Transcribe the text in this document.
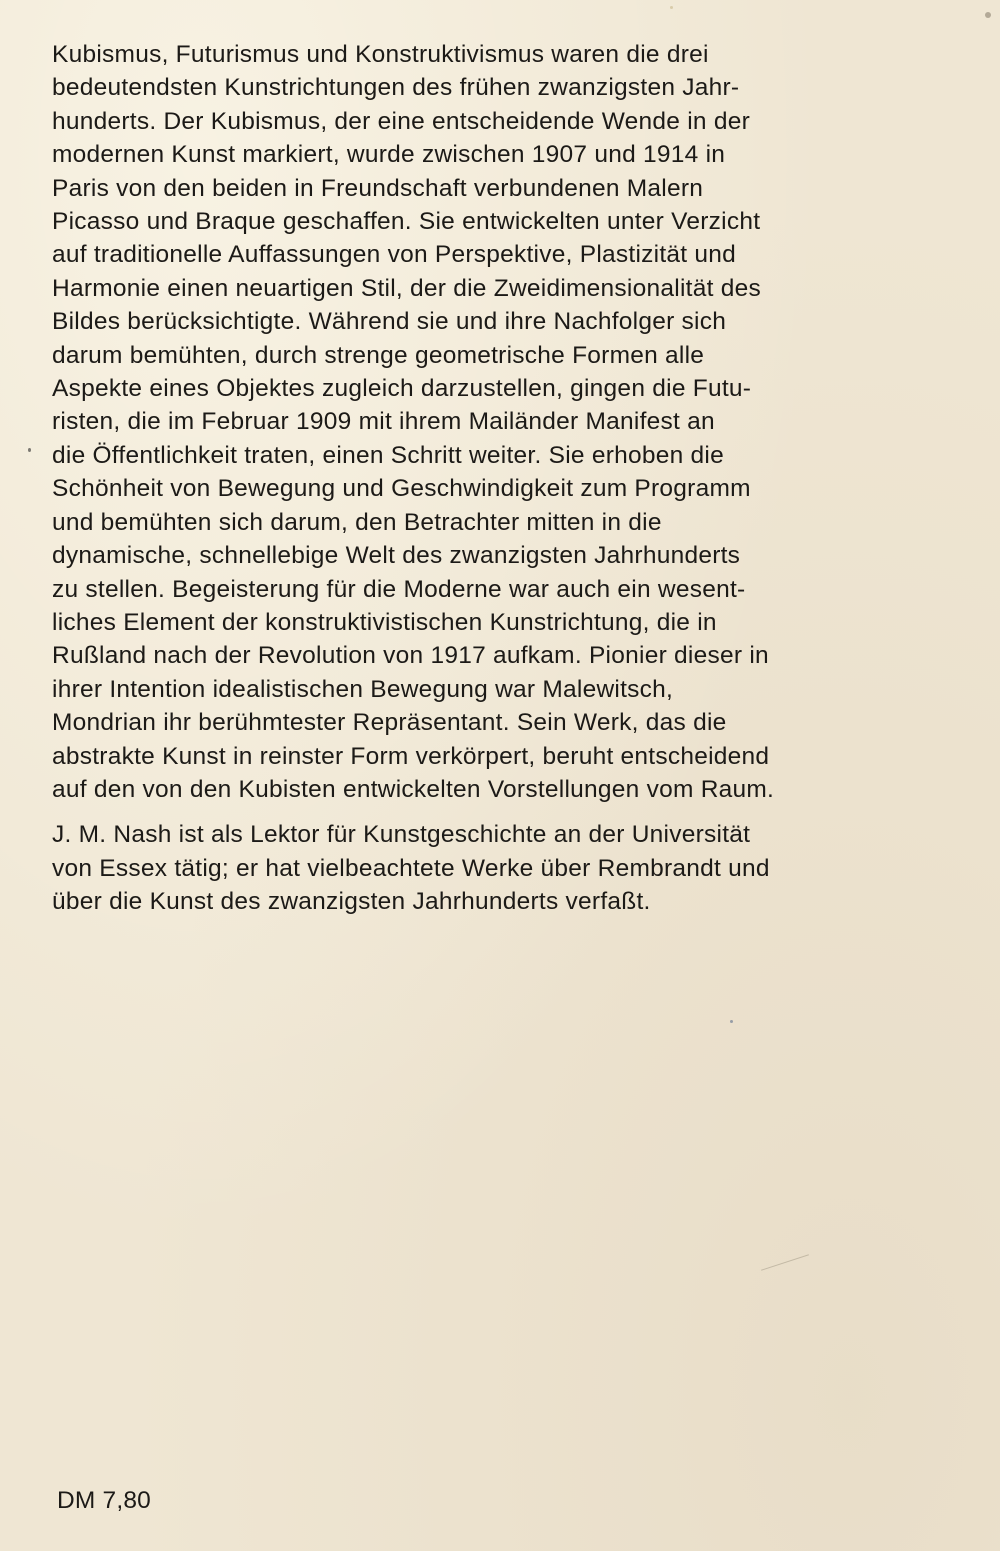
Kubismus, Futurismus und Konstruktivismus waren die drei
bedeutendsten Kunstrichtungen des frühen zwanzigsten Jahr-
hunderts. Der Kubismus, der eine entscheidende Wende in der
modernen Kunst markiert, wurde zwischen 1907 und 1914 in
Paris von den beiden in Freundschaft verbundenen Malern
Picasso und Braque geschaffen. Sie entwickelten unter Verzicht
auf traditionelle Auffassungen von Perspektive, Plastizität und
Harmonie einen neuartigen Stil, der die Zweidimensionalität des
Bildes berücksichtigte. Während sie und ihre Nachfolger sich
darum bemühten, durch strenge geometrische Formen alle
Aspekte eines Objektes zugleich darzustellen, gingen die Futu-
risten, die im Februar 1909 mit ihrem Mailänder Manifest an
die Öffentlichkeit traten, einen Schritt weiter. Sie erhoben die
Schönheit von Bewegung und Geschwindigkeit zum Programm
und bemühten sich darum, den Betrachter mitten in die
dynamische, schnellebige Welt des zwanzigsten Jahrhunderts
zu stellen. Begeisterung für die Moderne war auch ein wesent-
liches Element der konstruktivistischen Kunstrichtung, die in
Rußland nach der Revolution von 1917 aufkam. Pionier dieser in
ihrer Intention idealistischen Bewegung war Malewitsch,
Mondrian ihr berühmtester Repräsentant. Sein Werk, das die
abstrakte Kunst in reinster Form verkörpert, beruht entscheidend
auf den von den Kubisten entwickelten Vorstellungen vom Raum.
J. M. Nash ist als Lektor für Kunstgeschichte an der Universität
von Essex tätig; er hat vielbeachtete Werke über Rembrandt und
über die Kunst des zwanzigsten Jahrhunderts verfaßt.
DM 7,80
